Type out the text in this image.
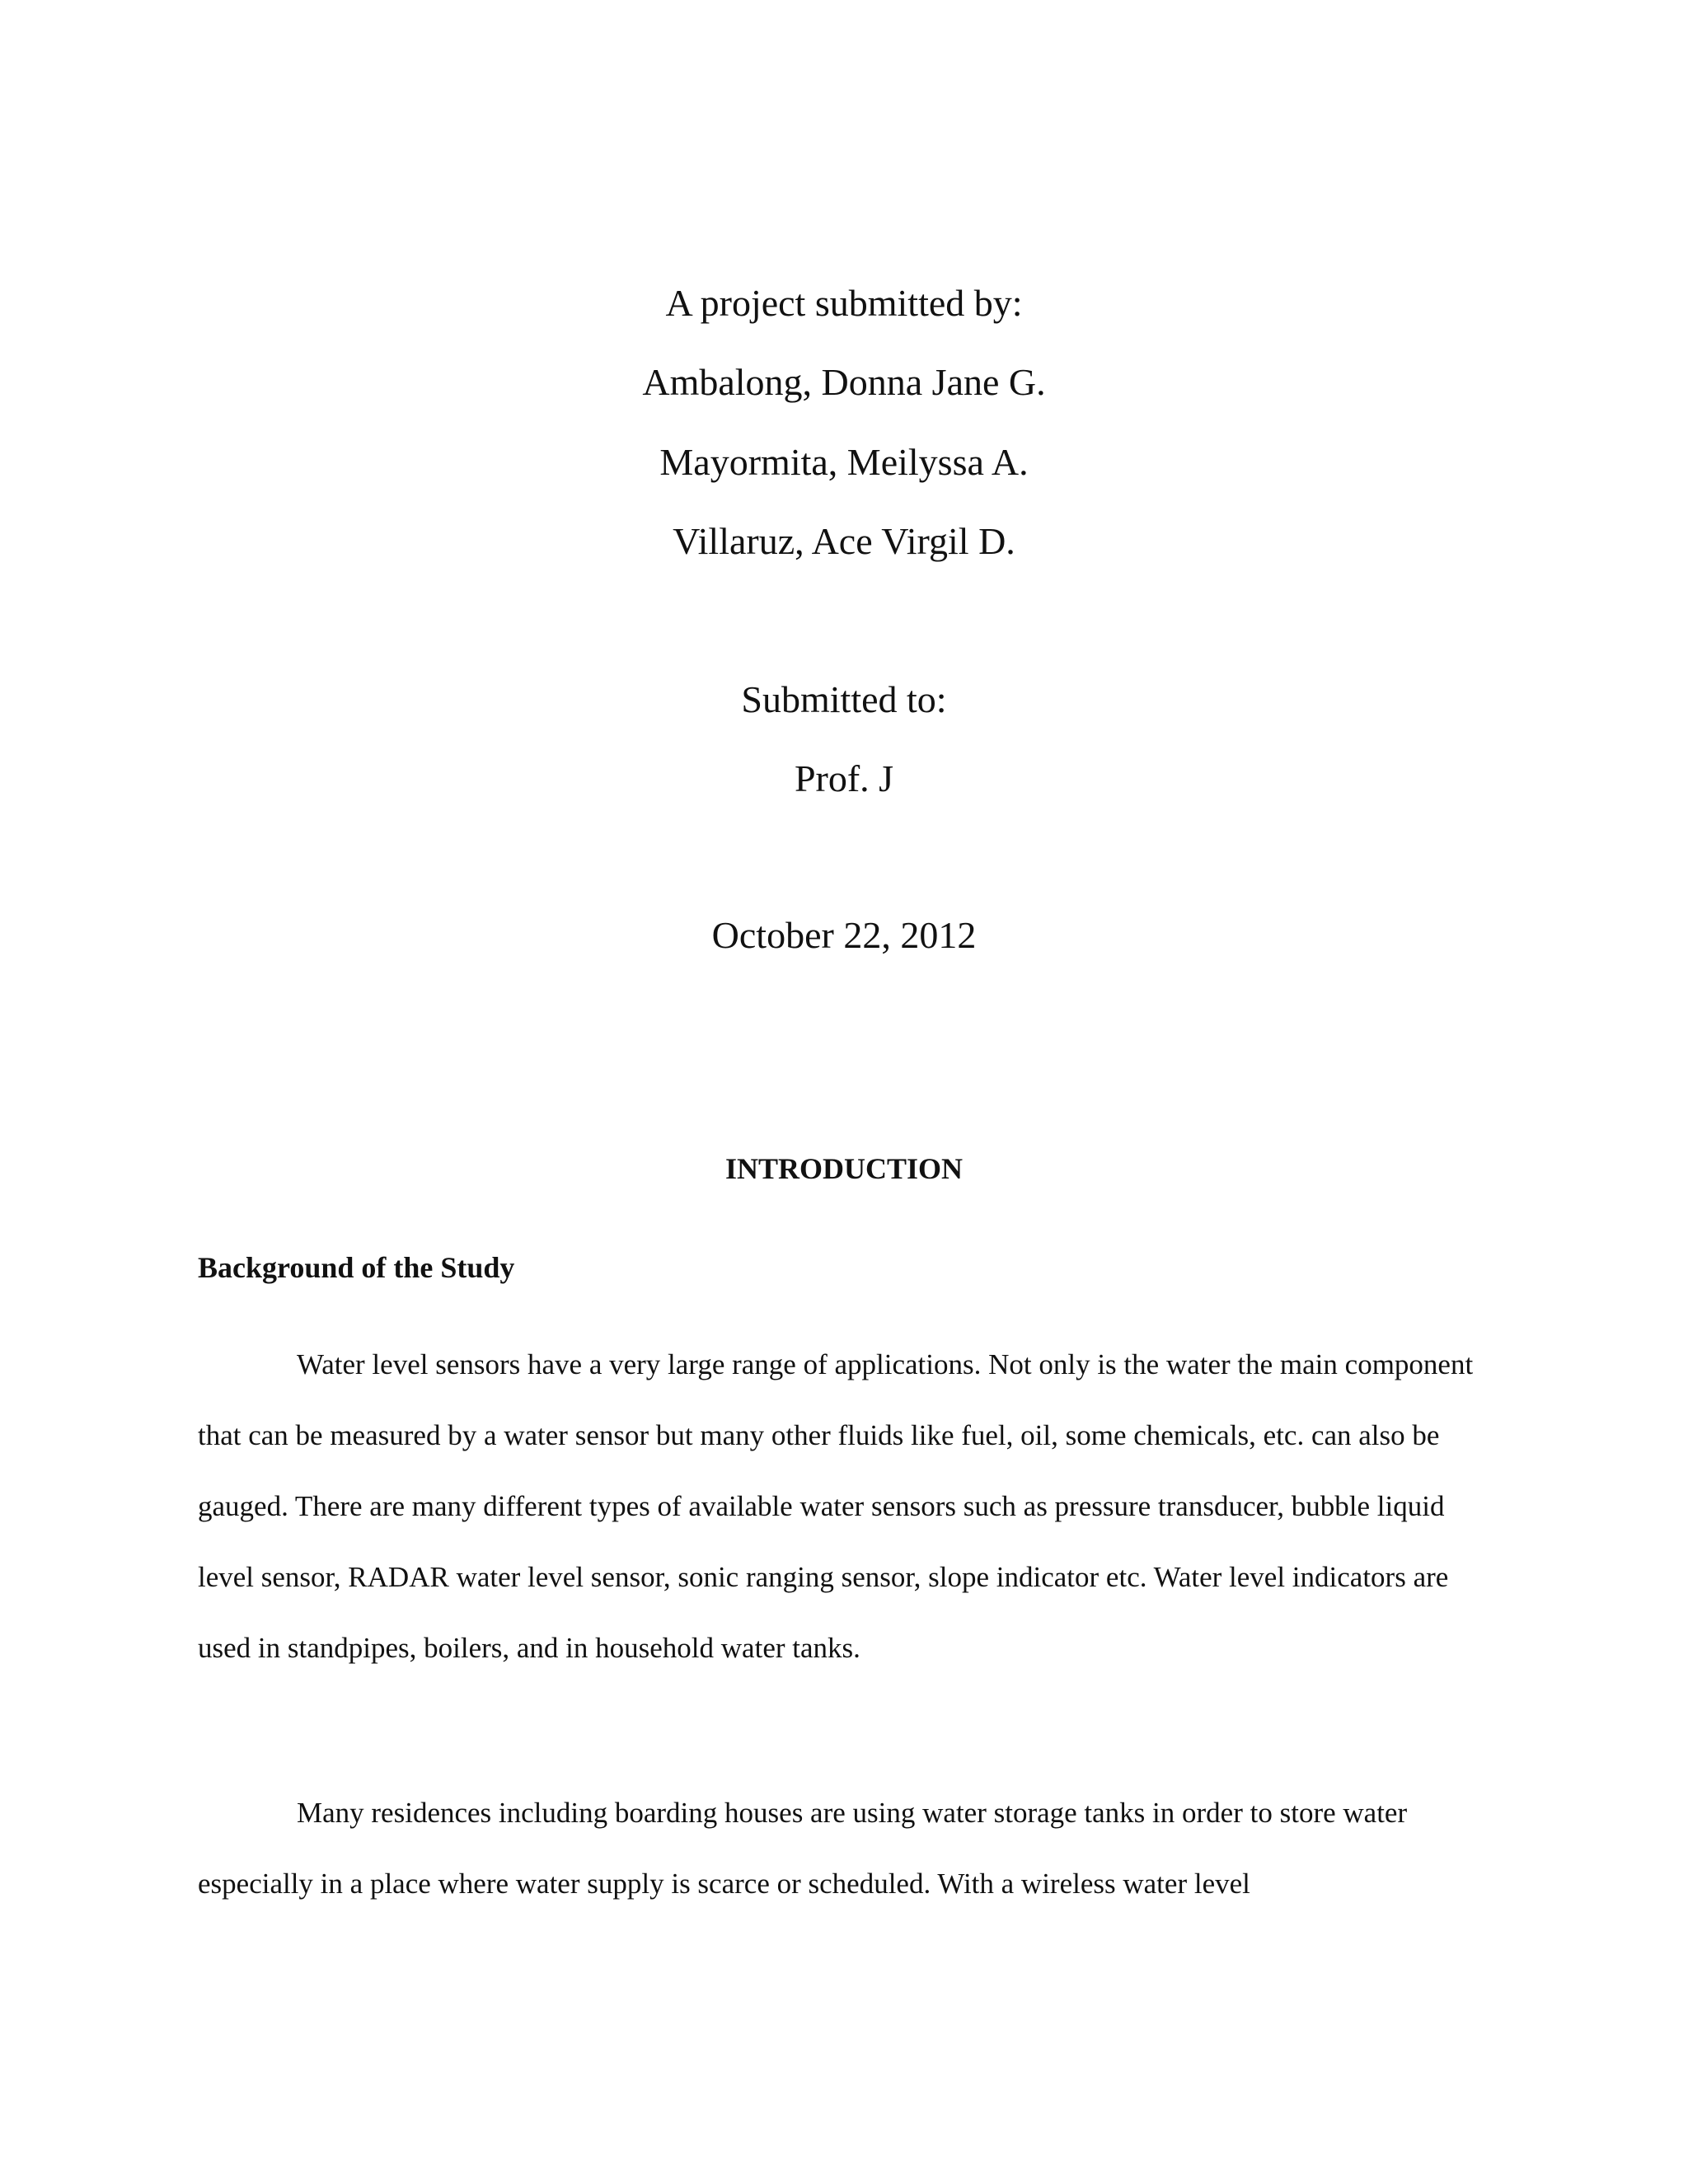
A project submitted by:
Ambalong, Donna Jane G.
Mayormita, Meilyssa A.
Villaruz, Ace Virgil D.
Submitted to:
Prof. J
October 22, 2012
INTRODUCTION
Background of the Study

Water level sensors have a very large range of applications. Not only is the water the main component that can be measured by a water sensor but many other fluids like fuel, oil, some chemicals, etc. can also be gauged. There are many different types of available water sensors such as pressure transducer, bubble liquid level sensor, RADAR water level sensor, sonic ranging sensor, slope indicator etc. Water level indicators are used in standpipes, boilers, and in household water tanks.

Many residences including boarding houses are using water storage tanks in order to store water especially in a place where water supply is scarce or scheduled. With a wireless water level
